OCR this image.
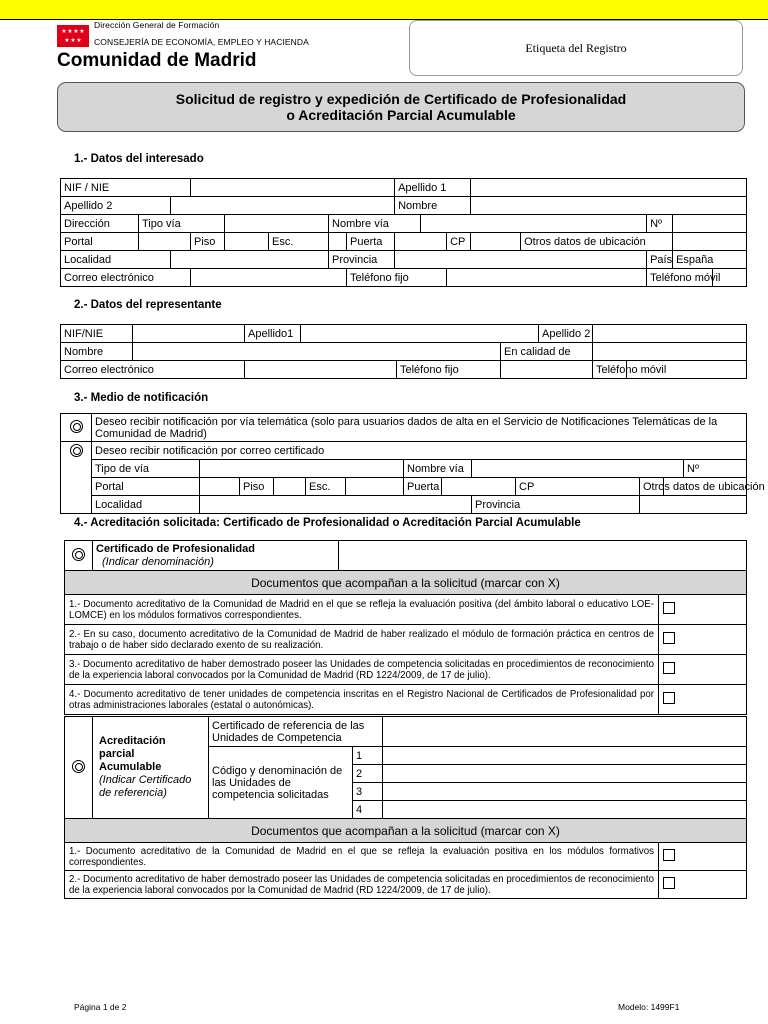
★ ★ ★ ★
★ ★ ★
Dirección General de Formación
CONSEJERÍA DE ECONOMÍA, EMPLEO Y HACIENDA
Comunidad de Madrid
Etiqueta del Registro
Solicitud de registro y expedición de Certificado de Profesionalidad
o Acreditación Parcial Acumulable
1.- Datos del interesado
NIF / NIE								Apellido 1							
Apellido 2								Nombre							
Dirección	Tipo vía					Nombre vía							Nº		
Portal			Piso		Esc.		Puerta			CP		Otros datos de ubicación			
Localidad						Provincia							País	España	
Correo electrónico							Teléfono fijo						Teléfono móvil		
2.- Datos del representante
NIF/NIE		Apellido1				Apellido 2		
Nombre					En calidad de			
Correo electrónico				Teléfono fijo			Teléfono móvil	
3.- Medio de notificación
	Deseo recibir notificación por vía telemática (solo para usuarios dados de alta en el Servicio de Notificaciones Telemáticas de la Comunidad de Madrid)													
	Deseo recibir notificación por correo certificado													
	Tipo de vía						Nombre vía						Nº	
	Portal		Piso		Esc.		Puerta			CP	Otros datos de ubicación			
	Localidad								Provincia					
4.- Acreditación solicitada: Certificado de Profesionalidad o Acreditación Parcial Acumulable

	Certificado de Profesionalidad
(Indicar denominación)		

Documentos que acompañan a la solicitud (marcar con X)			
1.- Documento acreditativo de la Comunidad de Madrid en el que se refleja la evaluación positiva (del ámbito laboral o educativo LOE-LOMCE) en los módulos formativos correspondientes.			
2.- En su caso, documento acreditativo de la Comunidad de Madrid de haber realizado el módulo de formación práctica en centros de trabajo o de haber sido declarado exento de su realización.			
3.- Documento acreditativo de haber demostrado poseer las Unidades de competencia solicitadas en procedimientos de reconocimiento de la experiencia laboral convocados por la Comunidad de Madrid (RD 1224/2009, de 17 de julio).			
4.- Documento acreditativo de tener unidades de competencia inscritas en el Registro Nacional de Certificados de Profesionalidad por otras administraciones laborales (estatal o autonómicas).			

	Acreditación
parcial
Acumulable
(Indicar Certificado
de referencia)	Certificado de referencia de las Unidades de Competencia		
		Código y denominación de las Unidades de competencia solicitadas	1	
			2	
			3	
			4	
Documentos que acompañan a la solicitud (marcar con X)	
1.- Documento acreditativo de la Comunidad de Madrid en el que se refleja la evaluación positiva en los módulos formativos correspondientes.	
2.- Documento acreditativo de haber demostrado poseer las Unidades de competencia solicitadas en procedimientos de reconocimiento de la experiencia laboral convocados por la Comunidad de Madrid (RD 1224/2009, de 17 de julio).	
Página 1 de 2	Modelo: 1499F1
